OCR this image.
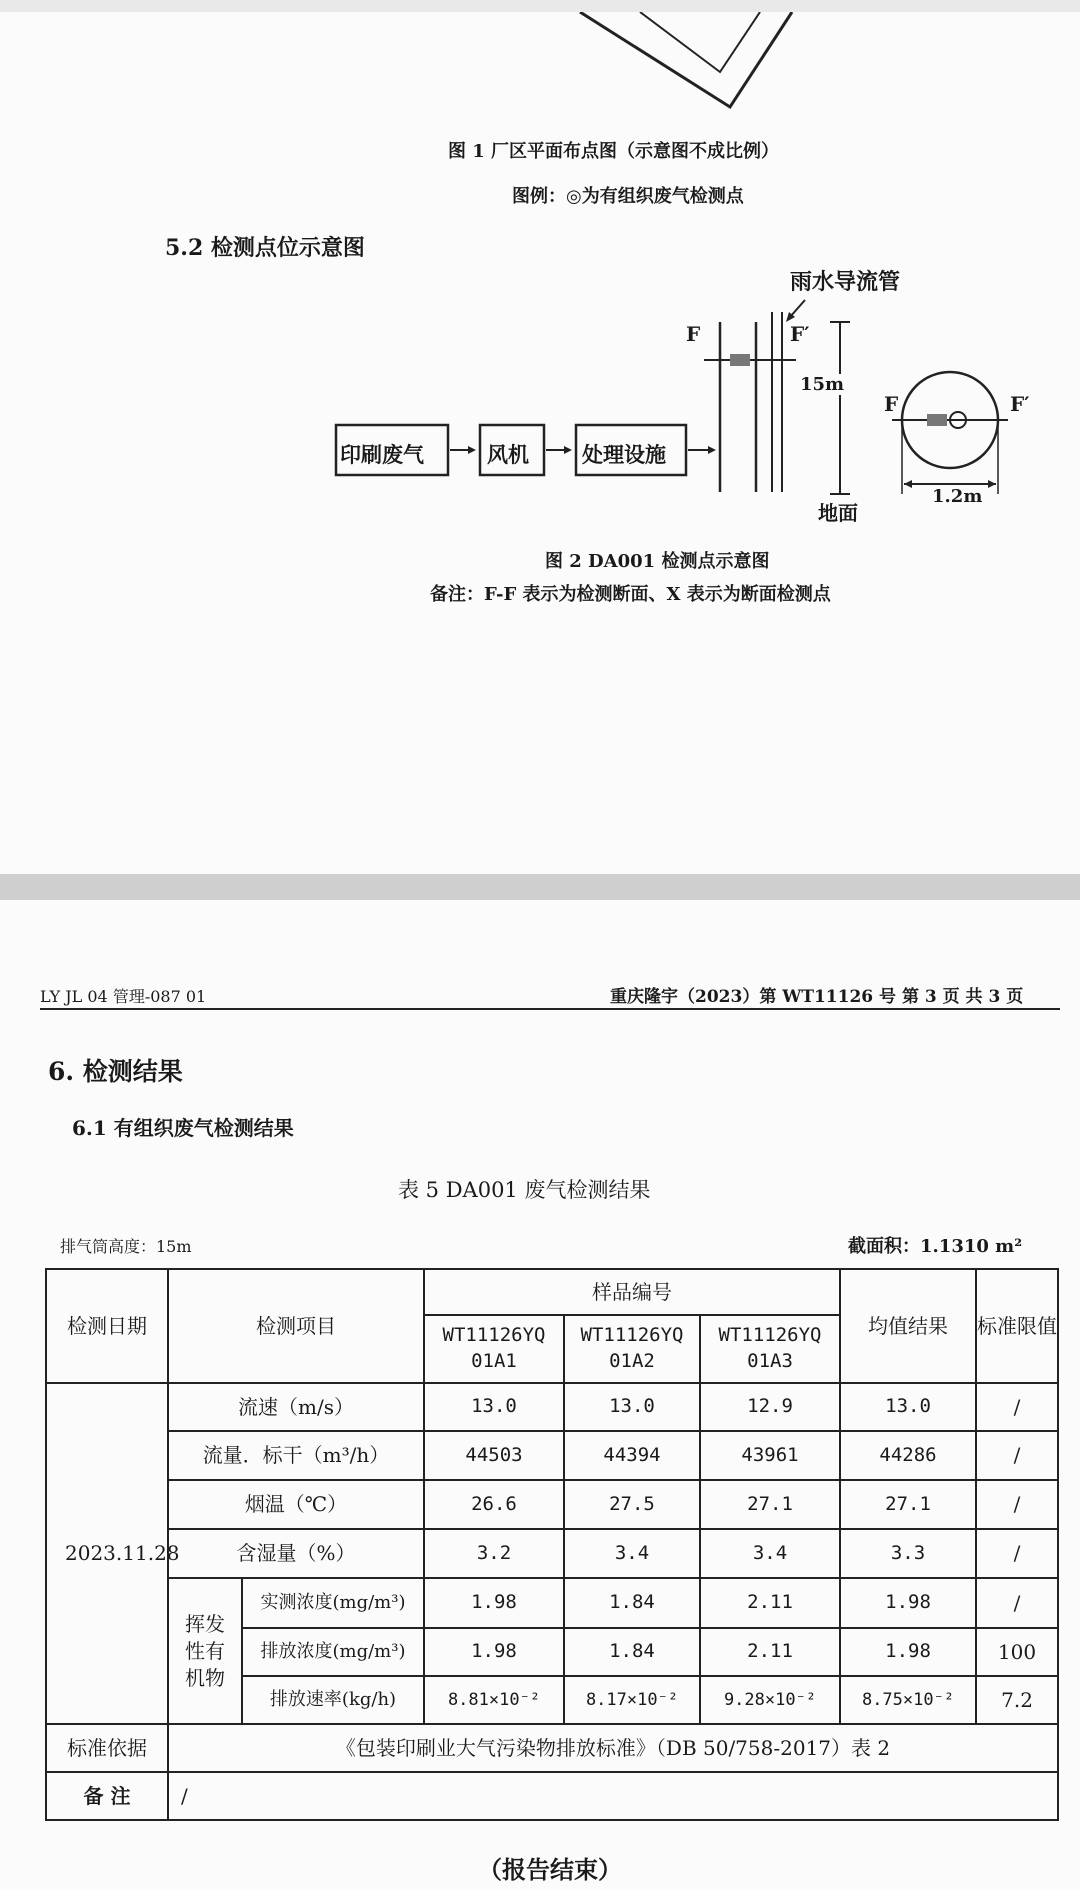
图 1 厂区平面布点图（示意图不成比例）
图例：◎为有组织废气检测点
5.2 检测点位示意图
印刷废气	风机	处理设施
雨水导流管
F	F′
15m
地面
F	F′
1.2m
图 2 DA001 检测点示意图
备注：F-F 表示为检测断面、X 表示为断面检测点
LY JL 04 管理-087 01	重庆隆宇（2023）第 WT11126 号 第 3 页 共 3 页
6. 检测结果
6.1 有组织废气检测结果
表 5 DA001 废气检测结果
排气筒高度：15m	截面积：1.1310 m²
检测日期	检测项目		样品编号			均值结果	标准限值
			WT11126YQ 01A1	WT11126YQ 01A2	WT11126YQ 01A3		
2023.11.28	流速（m/s）		13.0	13.0	12.9	13.0	/
	流量．标干（m³/h）		44503	44394	43961	44286	/
	烟温（℃）		26.6	27.5	27.1	27.1	/
	含湿量（%）		3.2	3.4	3.4	3.3	/
	挥发性有机物	实测浓度(mg/m³)	1.98	1.84	2.11	1.98	/
		排放浓度(mg/m³)	1.98	1.84	2.11	1.98	100
		排放速率(kg/h)	8.81×10⁻²	8.17×10⁻²	9.28×10⁻²	8.75×10⁻²	7.2
标准依据	《包装印刷业大气污染物排放标准》（DB 50/758-2017）表 2						
备 注	/						
（报告结束）
